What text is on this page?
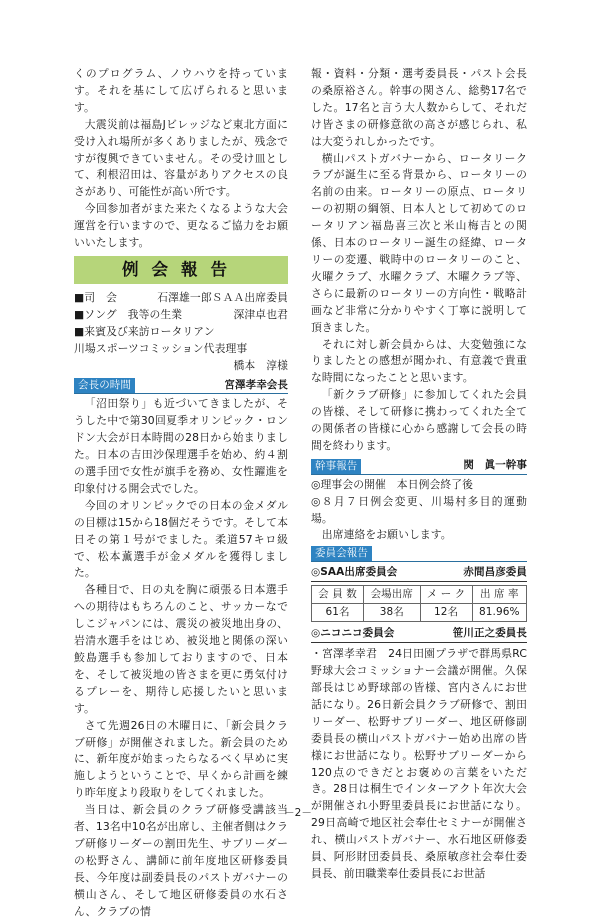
くのプログラム、ノウハウを持っています。それを基にして広げられると思います。

大震災前は福島Jビレッジなど東北方面に受け入れ場所が多くありましたが、残念ですが復興できていません。その受け皿として、利根沼田は、容量がありアクセスの良さがあり、可能性が高い所です。

今回参加者がまた来たくなるような大会運営を行いますので、更なるご協力をお願いいたします。

例会報告
■司　会	石澤雄一郎ＳＡＡ出席委員
■ソング　我等の生業	深津卓也君
■来賓及び来訪ロータリアン

川場スポーツコミッション代表理事

橋本　淳様

会長の時間	宮澤孝幸会長

「沼田祭り」も近づいてきましたが、そうした中で第30回夏季オリンピック・ロンドン大会が日本時間の28日から始まりました。日本の吉田沙保理選手を始め、約４割の選手団で女性が旗手を務め、女性躍進を印象付ける開会式でした。

今回のオリンピックでの日本の金メダルの目標は15から18個だそうです。そして本日その第１号がでました。柔道57キロ級で、松本薫選手が金メダルを獲得しました。

各種目で、日の丸を胸に頑張る日本選手への期待はもちろんのこと、サッカーなでしこジャパンには、震災の被災地出身の、岩清水選手をはじめ、被災地と関係の深い鮫島選手も参加しておりますので、日本を、そして被災地の皆さまを更に勇気付けるプレーを、期待し応援したいと思います。

さて先週26日の木曜日に、「新会員クラブ研修」が開催されました。新会員のために、新年度が始まったらなるべく早めに実施しようということで、早くから計画を練り昨年度より段取りをしてくれました。

当日は、新会員のクラブ研修受講該当者、13名中10名が出席し、主催者側はクラブ研修リーダーの割田先生、サブリーダーの松野さん、講師に前年度地区研修委員長、今年度は副委員長のパストガバナーの横山さん、そして地区研修委員の水石さん、クラブの情

報・資料・分類・選考委員長・パスト会長の桑原裕さん。幹事の関さん、総勢17名でした。17名と言う大人数からして、それだけ皆さまの研修意欲の高さが感じられ、私は大変うれしかったです。

横山パストガバナーから、ロータリークラブが誕生に至る背景から、ロータリーの名前の由来。ロータリーの原点、ロータリーの初期の綱領、日本人として初めてのロータリアン福島喜三次と米山梅吉との関係、日本のロータリー誕生の経緯、ロータリーの変遷、戦時中のロータリーのこと、火曜クラブ、水曜クラブ、木曜クラブ等、さらに最新のロータリーの方向性・戦略計画など非常に分かりやすく丁寧に説明して頂きました。

それに対し新会員からは、大変勉強になりましたとの感想が聞かれ、有意義で貴重な時間になったことと思います。

「新クラブ研修」に参加してくれた会員の皆様、そして研修に携わってくれた全ての関係者の皆様に心から感謝して会長の時間を終わります。

幹事報告	関　眞一幹事

◎理事会の開催　本日例会終了後

◎８月７日例会変更、川場村多目的運動場。

出席連絡をお願いします。

委員会報告
◎SAA出席委員会	赤間昌彦委員
会 員 数	会場出席	メ ー ク	出 席 率
61名	38名	12名	81.96%
◎ニコニコ委員会	笹川正之委員長

・宮澤孝幸君　24日田園プラザで群馬県RC野球大会コミッショナー会議が開催。久保部長はじめ野球部の皆様、宮内さんにお世話になり。26日新会員クラブ研修で、割田リーダー、松野サブリーダー、地区研修副委員長の横山パストガバナー始め出席の皆様にお世話になり。松野サブリーダーから120点のできだとお褒めの言葉をいただき。28日は桐生でインターアクト年次大会が開催され小野里委員長にお世話になり。29日高崎で地区社会奉仕セミナーが開催され、横山パストガバナー、水石地区研修委員、阿形財団委員長、桑原敏彦社会奉仕委員長、前田職業奉仕委員長にお世話

－2－
